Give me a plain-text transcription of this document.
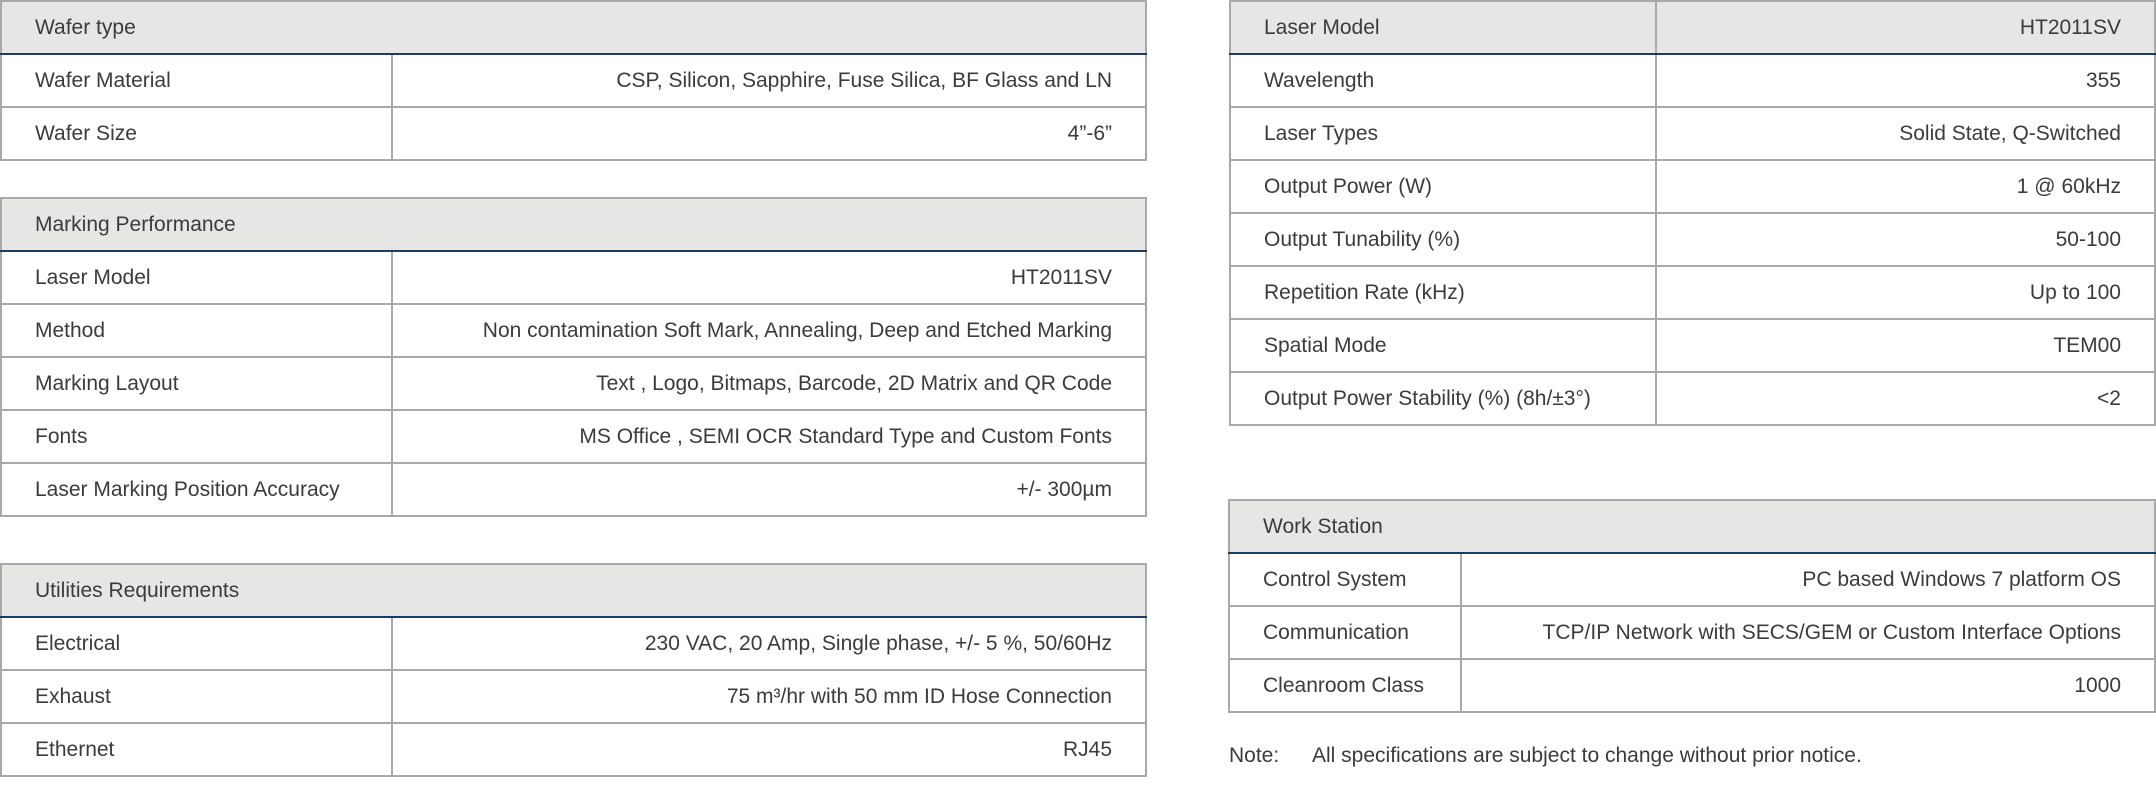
Wafer type	
Wafer Material	CSP, Silicon, Sapphire, Fuse Silica, BF Glass and LN
Wafer Size	4”-6”
Marking Performance	
Laser Model	HT2011SV
Method	Non contamination Soft Mark, Annealing, Deep and Etched Marking
Marking Layout	Text , Logo, Bitmaps, Barcode, 2D Matrix and QR Code
Fonts	MS Office , SEMI OCR Standard Type and Custom Fonts
Laser Marking Position Accuracy	+/- 300µm
Utilities Requirements	
Electrical	230 VAC, 20 Amp, Single phase, +/- 5 %, 50/60Hz
Exhaust	75 m³/hr with 50 mm ID Hose Connection
Ethernet	RJ45
Laser Model	HT2011SV
Wavelength	355
Laser Types	Solid State, Q-Switched
Output Power (W)	1 @ 60kHz
Output Tunability (%)	50-100
Repetition Rate (kHz)	Up to 100
Spatial Mode	TEM00
Output Power Stability (%) (8h/±3°)	<2
Work Station	
Control System	PC based Windows 7 platform OS
Communication	TCP/IP Network with SECS/GEM or Custom Interface Options
Cleanroom Class	1000
Note: All specifications are subject to change without prior notice.
